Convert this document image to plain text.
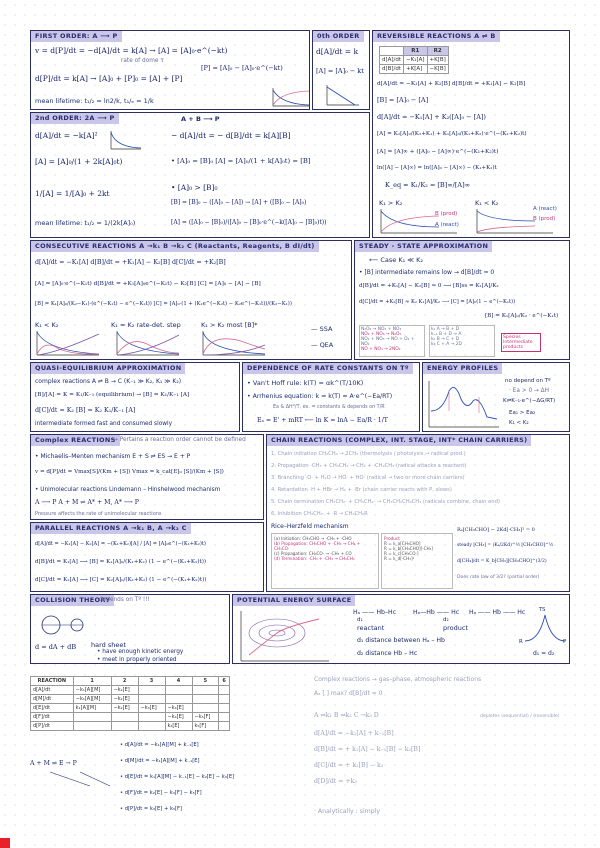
FIRST ORDER: A ⟶ P
v = d[P]/dt = −d[A]/dt = k[A] → [A] = [A]₀·e^(−kt)
rate of dome τ
d[P]/dt = k[A] → [A]₀ + [P]₀ = [A] + [P]
[P] = [A]₀ − [A]₀·e^(−kt)
mean lifetime: t₁/₂ = ln2/k, t₁/ₑ = 1/k
0th ORDER
d[A]/dt = k
[A] = [A]₀ − kt
REVERSIBLE REACTIONS A ⇌ B
	R1	R2
d[A]/dt	−K₁[A]	+K[B]
d[B]/dt	+K[A]	−K[B]
d[A]/dt = −K₁[A] + K₂[B] d[B]/dt = +K₁[A] − K₂[B]
[B] = [A]₀ − [A]
d[A]/dt = −K₁[A] + K₂([A]₀ − [A])
[A] = K₂[A]₀/(K₂+K₁) + K₁[A]₀/(K₁+K₂)·e^(−(K₁+K₂)t)
[A] = [A]∞ + ([A]₀ − [A]∞)·e^(−(K₁+K₂)t)
ln([A] − [A]∞) = ln([A]₀ − [A]∞) − (K₁+K₂)t
K_eq = K₁/K₂ = [B]∞/[A]∞
K₁ > K₂	K₁ < K₂
B (prod)
A (react)
B (prod)
A (react)
2nd ORDER: 2A ⟶ P	A + B ⟶ P
d[A]/dt = −k[A]²
[A] = [A]₀/(1 + 2k[A]₀t)
1/[A] = 1/[A]₀ + 2kt
mean lifetime: t₁/₂ = 1/(2k[A]₀)
− d[A]/dt = − d[B]/dt = k[A][B]
• [A]₀ = [B]₀ [A] = [A]₀/(1 + k[A]₀t) = [B]
• [A]₀ > [B]₀
[B] = [B]₀ − ([A]₀ − [A]) → [A] + ([B]₀ − [A]₀)
[A] = ([A]₀ − [B]₀)/([A]₀ − [B]₀·e^(−k([A]₀ − [B]₀)t))
CONSECUTIVE REACTIONS A →k₁ B →k₂ C (Reactants, Reagents, B dI/dt)
d[A]/dt = −K₁[A] d[B]/dt = +K₁[A] − K₂[B] d[C]/dt = +K₂[B]
[A] = [A]₀·e^(−K₁t) d[B]/dt = +K₁[A]₀e^(−K₁t) − K₂[B] [C] = [A]₀ − [A] − [B]
[B] = K₁[A]₀/(K₂−K₁)·(e^(−K₁t) − e^(−K₂t)) [C] = [A]₀·(1 + (K₁e^(−K₂t) − K₂e^(−K₁t))/(K₂−K₁))
K₁ < K₂	K₁ ≈ K₂ rate-det. step	K₁ > K₂ most [B]*	— SSA
— QEA
STEADY - STATE APPROXIMATION
⟵ Case K₁ ≪ K₂
• [B] intermediate remains low → d[B]/dt ≈ 0
d[B]/dt = +K₁[A] − K₂[B] ≈ 0 ⟶ [B]ss = K₁[A]/K₂
d[C]/dt = +K₂[B] ≈ K₂ K₁[A]/K₂ ⟶ [C] = [A]₀(1 − e^(−K₁t))
[B] = K₁[A]₀/K₂ · e^(−K₁t)
N₂O₅ → NO₂ + NO₃
NO₂ + NO₃ → N₂O₅
NO₂ + NO₃ → NO + O₂ + NO₂
NO + NO₃ → 2NO₂
k₁ A → B + D
k₋₁ B + D → A
k₂ B → C + D
k₃ C + A → 2D
Species Intermediate products
QUASI-EQUILIBRIUM APPROXIMATION
complex reactions A ⇌ B → C (K₋₁ ≫ K₂, K₁ ≫ K₂)
[B]/[A] = K = K₁/K₋₁ (equilibrium) → [B] = K₁/K₋₁ [A]
d[C]/dt = K₂ [B] = K₂ K₁/K₋₁ [A]
intermediate formed fast and consumed slowly
DEPENDENCE OF RATE CONSTANTS ON Tº
• Van't Hoff rule: k(T) = αk^(T/10K)
• Arrhenius equation: k = k(T) = A·e^(−Ea/RT)
Ea & ΔH°/T, ex. = constants & depends on T/R
Eₐ = E' + mRT ⟵ ln K = lnA − Ea/R · 1/T
ENERGY PROFILES
no depend on Tº
· Ea > 0 → ΔH
K⇌K₋₁·e^(−ΔG/RT)
Ea₁ > Ea₂
K₁ < K₂
Complex REACTIONS
→ Pertains a reaction order cannot be defined
• Michaelis–Menten mechanism E + S ⇌ ES → E + P
v = d[P]/dt = Vmax[S]/(Km + [S]) Vmax = k_cat[E]₀ [S]/(Km + [S])
• Unimolecular reactions Lindemann – Hinshelwood mechanism
A ⟶ P A + M ⇌ A* + M, A* ⟶ P
Pressure affects the rate of unimolecular reactions
PARALLEL REACTIONS A →k₁ B, A →k₂ C
d[A]/dt = −K₁[A] − K₂[A] = −(K₁+K₂)[A] / [A] = [A]₀e^(−(K₁+K₂)t)
d[B]/dt = K₁[A] ⟶ [B] = K₁[A]₀/(K₁+K₂) (1 − e^(−(K₁+K₂)t))
d[C]/dt = K₂[A] ⟶ [C] = K₂[A]₀/(K₁+K₂) (1 − e^(−(K₁+K₂)t))
CHAIN REACTIONS (COMPLEX, INT. STAGE, INT* CHAIN CARRIERS)
1. Chain initiation CH₃CH₃ → 2CH₃ (thermolysis / photolysis → radical prod.)
2. Propagation ·CH₃ + CH₃CH₃ → CH₄ + ·CH₂CH₃ (radical attacks a reactant)
3. Branching ·O· + H₂O → HO· + HO· (radical → two or more chain carriers)
4. Retardation ·H + HBr → H₂ + ·Br (chain carrier reacts with P, slows)
5. Chain termination CH₃CH₂· + CH₃CH₂· → CH₃CH₂CH₂CH₃ (radicals combine, chain end)
6. Inhibition CH₃CH₂· + ·R → CH₃CH₂R
Rice–Herzfeld mechanism
(a) Initiation: CH₃CHO → ·CH₃ + ·CHO
(b) Propagation: CH₃CHO + ·CH₃ → CH₄ + CH₃CO·
(c) Propagation: CH₃CO· → ·CH₃ + CO
(d) Termination: ·CH₃ + ·CH₃ → CH₃CH₃
Product
R = k_a[CH₃CHO]
R = k_b[CH₃CHO][·CH₃]
R = k_c[CH₃CO·]
R = k_d[·CH₃]²
Rₐ[CH₃CHO] − 2Kd[·CH₃]² = 0
steady [CH₃] = (Kₐ/2Kd)^½ [CH₃CHO]^½
d[CH₄]/dt = K_b[CH₃][CH₃CHO]^(3/2)
Does rate law of 3/2? (partial order)
COLLISION THEORY
depends on Tº !!!
d = dA + dB hard sheet
• have enough kinetic energy
• meet in properly oriented
POTENTIAL ENERGY SURFACE
Hₐ —— Hb–Hc	Hₐ—Hb —— Hc Hₐ —— Hb —— Hc
d₁	d₂
reactant	product
d₁ distance between Hₐ – Hb
d₂ distance Hb – Hc	d₁ = d₂
TS
R	P
REACTION	1	2	3	4	5	6
d[A]/dt	−k₁[A][M]	−k₂[E]				
d[M]/dt	−k₁[A][M]	−k₂[E]				
d[E]/dt	k₁[A][M]	−k₂[E]	−k₃[E]	−k₄[E]		
d[F]/dt				−k₄[E]	−k₅[F]	
d[P]/dt				k₄[E]	k₅[F]	
A + M ⇌ E → P
• d[A]/dt = −k₁[A][M] + k₋₁[E]
• d[M]/dt = −k₁[A][M] + k₋₁[E]
• d[E]/dt = k₁[A][M] − k₋₁[E] − k₂[E] − k₃[E]
• d[F]/dt = k₂[E] − k₃[F] − k₅[F]
• d[P]/dt = k₃[E] + k₅[F]
Complex reactions → gas–phase, atmospheric reactions
Aₐ [ ] max? d[B]/dt = 0
A ⇌k₁ B ⇌k₂ C →k₃ D	depletes (sequential) / (reversible)
d[A]/dt = −k₁[A] + k₋₁[B]
d[B]/dt = + k₁[A] − k₋₁[B] − k₂[B]
d[C]/dt = + k₂[B] − k₃
d[D]/dt = +k₃
· Analytically : simply
